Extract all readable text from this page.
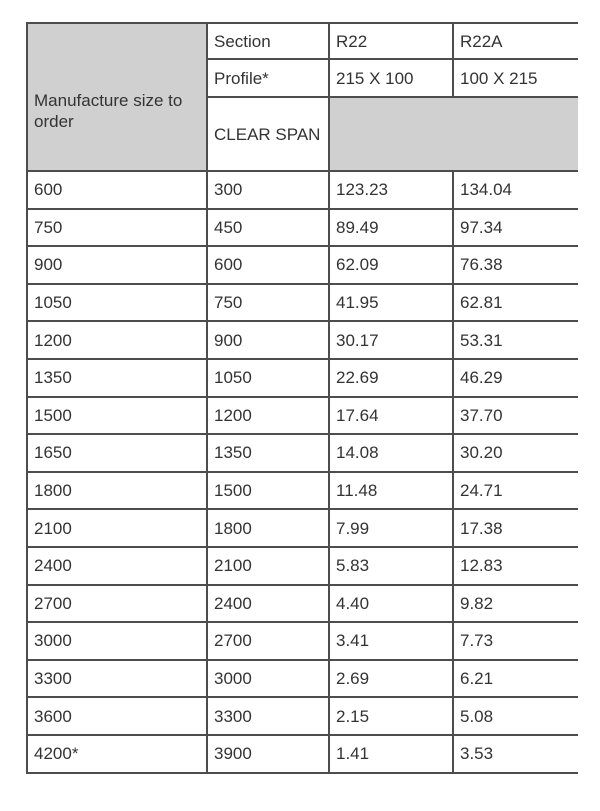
Manufacture size to order
Section	R22	R22A
Profile*	215 X 100	100 X 215
CLEAR SPAN
600	300	123.23	134.04
750	450	89.49	97.34
900	600	62.09	76.38
1050	750	41.95	62.81
1200	900	30.17	53.31
1350	1050	22.69	46.29
1500	1200	17.64	37.70
1650	1350	14.08	30.20
1800	1500	11.48	24.71
2100	1800	7.99	17.38
2400	2100	5.83	12.83
2700	2400	4.40	9.82
3000	2700	3.41	7.73
3300	3000	2.69	6.21
3600	3300	2.15	5.08
4200*	3900	1.41	3.53
